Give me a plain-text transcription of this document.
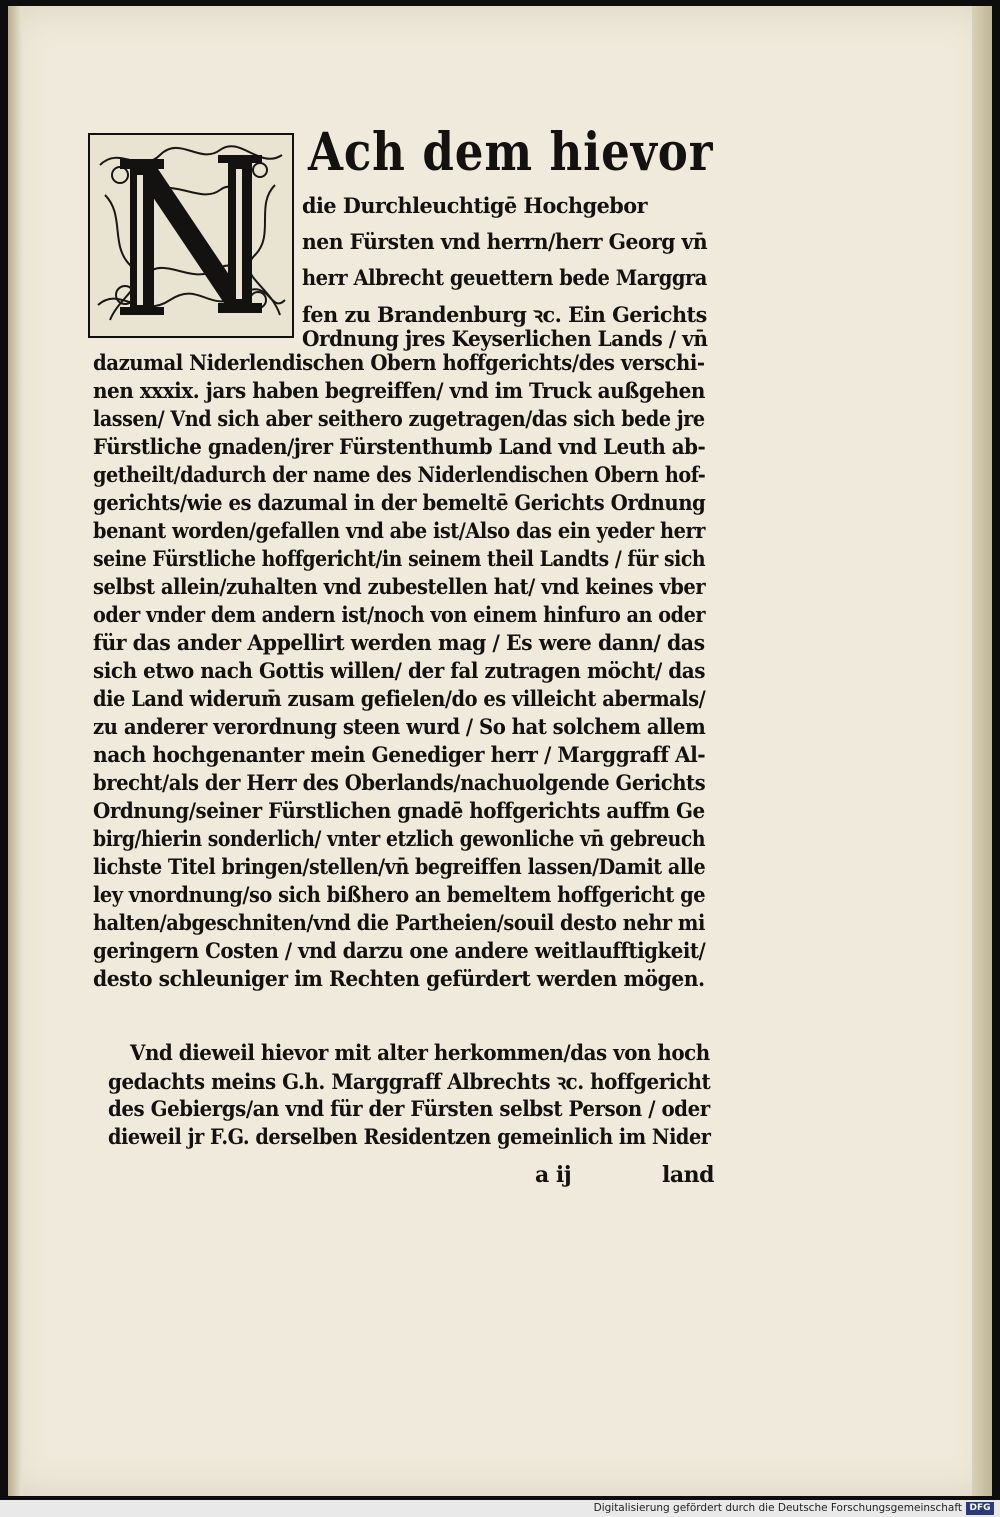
Ach dem hievor
die Durchleuchtigē Hochgebor
nen Fürsten vnd herrn/herr Georg vn̄
herr Albrecht geuettern bede Marggra
fen zu Brandenburg ꝛc. Ein Gerichts
Ordnung jres Keyserlichen Lands / vn̄
dazumal Niderlendischen Obern hoffgerichts/des verschi-
nen xxxix. jars haben begreiffen/ vnd im Truck außgehen
lassen/ Vnd sich aber seithero zugetragen/das sich bede jre
Fürstliche gnaden/jrer Fürstenthumb Land vnd Leuth ab-
getheilt/dadurch der name des Niderlendischen Obern hof-
gerichts/wie es dazumal in der bemeltē Gerichts Ordnung
benant worden/gefallen vnd abe ist/Also das ein yeder herr
seine Fürstliche hoffgericht/in seinem theil Landts / für sich
selbst allein/zuhalten vnd zubestellen hat/ vnd keines vber
oder vnder dem andern ist/noch von einem hinfuro an oder
für das ander Appellirt werden mag / Es were dann/ das
sich etwo nach Gottis willen/ der fal zutragen möcht/ das
die Land widerum̄ zusam gefielen/do es villeicht abermals/
zu anderer verordnung steen wurd / So hat solchem allem
nach hochgenanter mein Genediger herr / Marggraff Al-
brecht/als der Herr des Oberlands/nachuolgende Gerichts
Ordnung/seiner Fürstlichen gnadē hoffgerichts auffm Ge
birg/hierin sonderlich/ vnter etzlich gewonliche vn̄ gebreuch
lichste Titel bringen/stellen/vn̄ begreiffen lassen/Damit alle
ley vnordnung/so sich bißhero an bemeltem hoffgericht ge
halten/abgeschniten/vnd die Partheien/souil desto nehr mi
geringern Costen / vnd darzu one andere weitlaufftigkeit/
desto schleuniger im Rechten gefürdert werden mögen.
Vnd dieweil hievor mit alter herkommen/das von hoch
gedachts meins G.h. Marggraff Albrechts ꝛc. hoffgericht
des Gebiergs/an vnd für der Fürsten selbst Person / oder
dieweil jr F.G. derselben Residentzen gemeinlich im Nider
a ij	land
Digitalisierung gefördert durch die Deutsche Forschungsgemeinschaft DFG
